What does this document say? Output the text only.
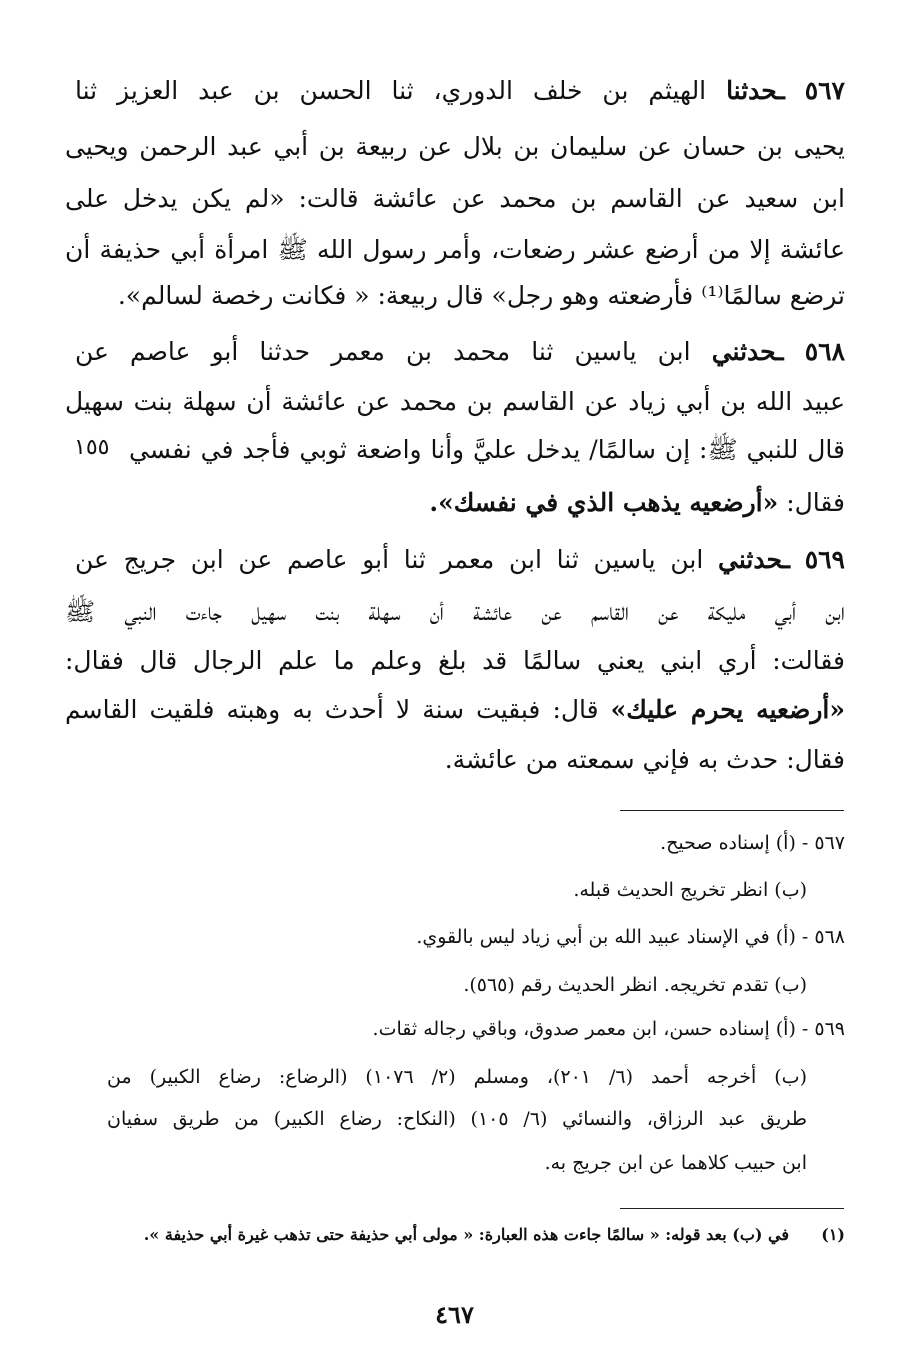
٥٦٧ ـحدثنا الهيثم بن خلف الدوري، ثنا الحسن بن عبد العزيز ثنا
يحيى بن حسان عن سليمان بن بلال عن ربيعة بن أبي عبد الرحمن ويحيى
ابن سعيد عن القاسم بن محمد عن عائشة قالت: «لم يكن يدخل على
عائشة إلا من أرضع عشر رضعات، وأمر رسول الله ﷺ امرأة أبي حذيفة أن
ترضع سالمًا⁽¹⁾ فأرضعته وهو رجل» قال ربيعة: « فكانت رخصة لسالم».
٥٦٨ ـحدثني ابن ياسين ثنا محمد بن معمر حدثنا أبو عاصم عن
عبيد الله بن أبي زياد عن القاسم بن محمد عن عائشة أن سهلة بنت سهيل
قال للنبي ﷺ: إن سالمًا/ يدخل عليَّ وأنا واضعة ثوبي فأجد في نفسي
١٥٥
فقال: «أرضعيه يذهب الذي في نفسك».
٥٦٩ ـحدثني ابن ياسين ثنا ابن معمر ثنا أبو عاصم عن ابن جريج عن
ابن أبي مليكة عن القاسم عن عائشة أن سهلة بنت سهيل جاءت النبي ﷺ
فقالت: أري ابني يعني سالمًا قد بلغ وعلم ما علم الرجال قال فقال:
«أرضعيه يحرم عليك» قال: فبقيت سنة لا أحدث به وهبته فلقيت القاسم
فقال: حدث به فإني سمعته من عائشة.
٥٦٧ - (أ) إسناده صحيح.
(ب) انظر تخريج الحديث قبله.
٥٦٨ - (أ) في الإسناد عبيد الله بن أبي زياد ليس بالقوي.
(ب) تقدم تخريجه. انظر الحديث رقم (٥٦٥).
٥٦٩ - (أ) إسناده حسن، ابن معمر صدوق، وباقي رجاله ثقات.
(ب) أخرجه أحمد (٦/ ٢٠١)، ومسلم (٢/ ١٠٧٦) (الرضاع: رضاع الكبير) من
طريق عبد الرزاق، والنسائي (٦/ ١٠٥) (النكاح: رضاع الكبير) من طريق سفيان
ابن حبيب كلاهما عن ابن جريج به.
(١)
في (ب) بعد قوله: « سالمًا جاءت هذه العبارة: « مولى أبي حذيفة حتى تذهب غيرة أبي حذيفة ».
٤٦٧
